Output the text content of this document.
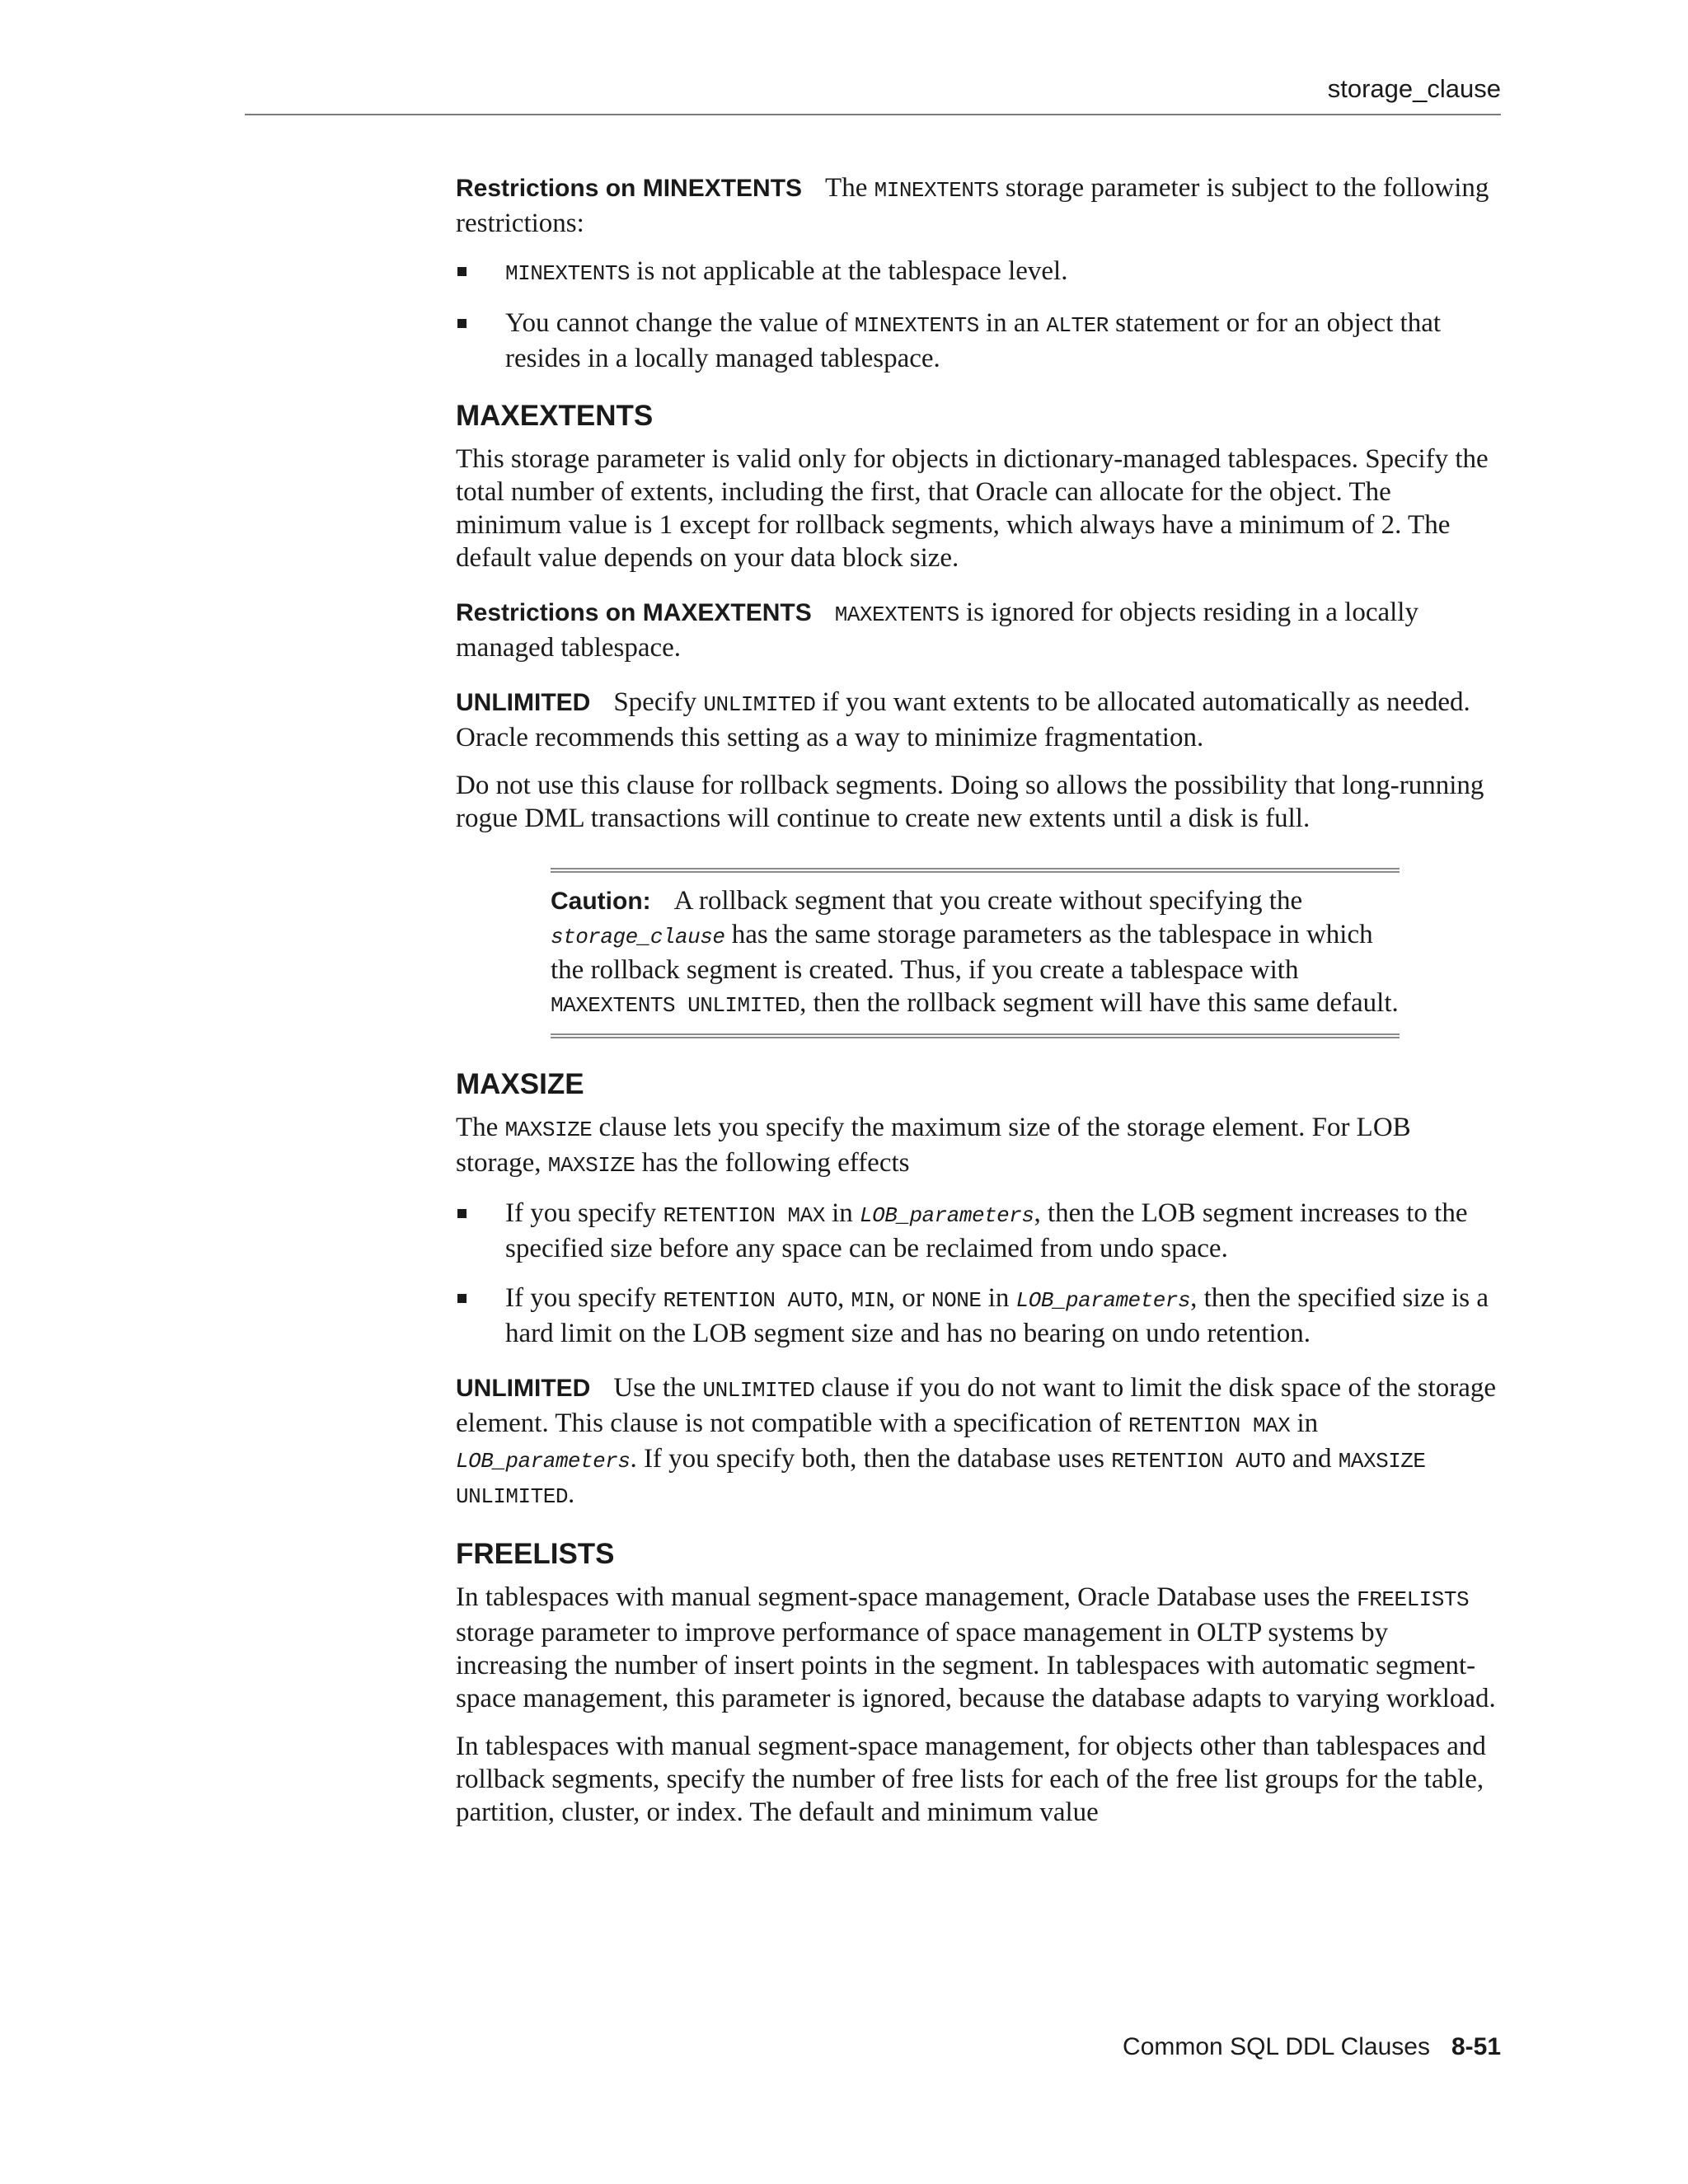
storage_clause

Restrictions on MINEXTENTS The MINEXTENTS storage parameter is subject to the following restrictions:

MINEXTENTS is not applicable at the tablespace level.
You cannot change the value of MINEXTENTS in an ALTER statement or for an object that resides in a locally managed tablespace.
MAXEXTENTS

This storage parameter is valid only for objects in dictionary-managed tablespaces. Specify the total number of extents, including the first, that Oracle can allocate for the object. The minimum value is 1 except for rollback segments, which always have a minimum of 2. The default value depends on your data block size.

Restrictions on MAXEXTENTS MAXEXTENTS is ignored for objects residing in a locally managed tablespace.

UNLIMITED Specify UNLIMITED if you want extents to be allocated automatically as needed. Oracle recommends this setting as a way to minimize fragmentation.

Do not use this clause for rollback segments. Doing so allows the possibility that long-running rogue DML transactions will continue to create new extents until a disk is full.

Caution: A rollback segment that you create without specifying the storage_clause has the same storage parameters as the tablespace in which the rollback segment is created. Thus, if you create a tablespace with MAXEXTENTS UNLIMITED, then the rollback segment will have this same default.

MAXSIZE

The MAXSIZE clause lets you specify the maximum size of the storage element. For LOB storage, MAXSIZE has the following effects

If you specify RETENTION MAX in LOB_parameters, then the LOB segment increases to the specified size before any space can be reclaimed from undo space.
If you specify RETENTION AUTO, MIN, or NONE in LOB_parameters, then the specified size is a hard limit on the LOB segment size and has no bearing on undo retention.

UNLIMITED Use the UNLIMITED clause if you do not want to limit the disk space of the storage element. This clause is not compatible with a specification of RETENTION MAX in LOB_parameters. If you specify both, then the database uses RETENTION AUTO and MAXSIZE UNLIMITED.

FREELISTS

In tablespaces with manual segment-space management, Oracle Database uses the FREELISTS storage parameter to improve performance of space management in OLTP systems by increasing the number of insert points in the segment. In tablespaces with automatic segment-space management, this parameter is ignored, because the database adapts to varying workload.

In tablespaces with manual segment-space management, for objects other than tablespaces and rollback segments, specify the number of free lists for each of the free list groups for the table, partition, cluster, or index. The default and minimum value

Common SQL DDL Clauses 8-51
